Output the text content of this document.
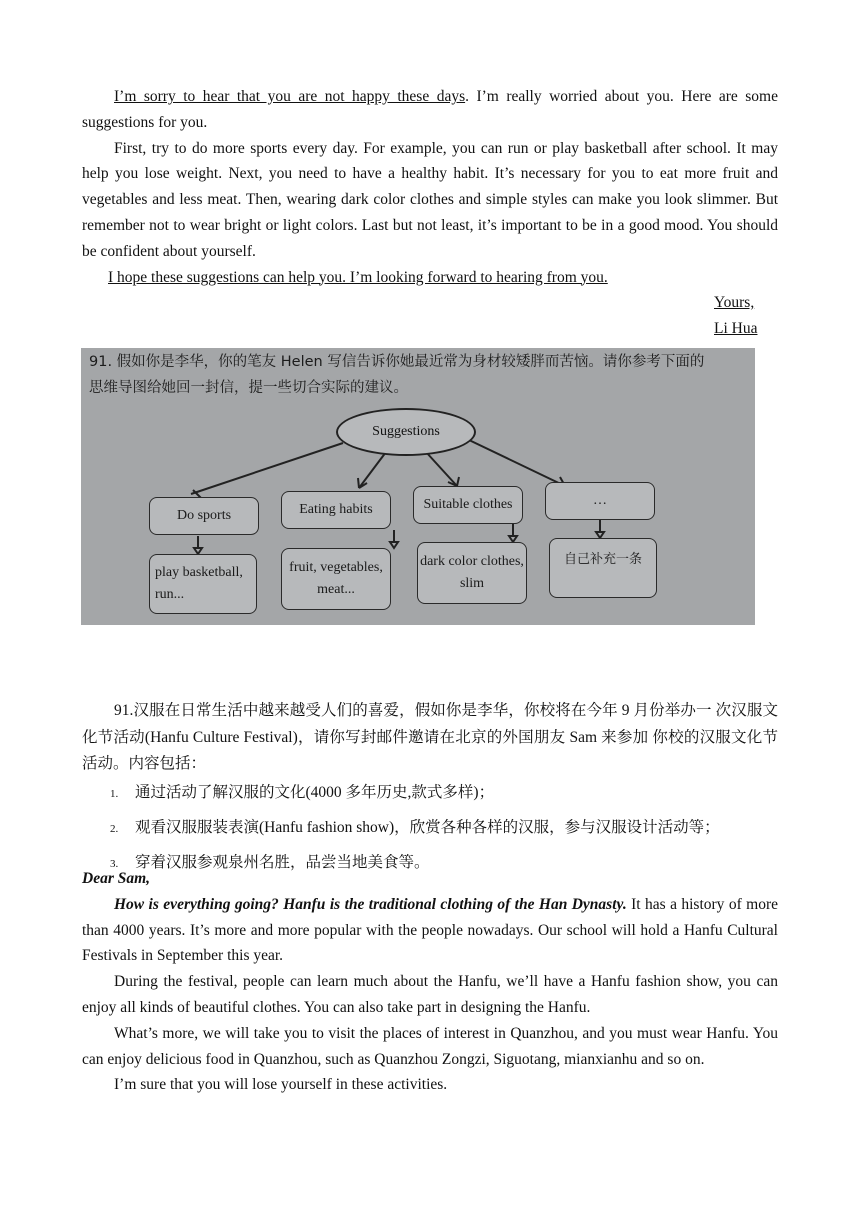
I’m sorry to hear that you are not happy these days. I’m really worried about you. Here are some suggestions for you.

First, try to do more sports every day. For example, you can run or play basketball after school. It may help you lose weight. Next, you need to have a healthy habit. It’s necessary for you to eat more fruit and vegetables and less meat. Then, wearing dark color clothes and simple styles can make you look slimmer. But remember not to wear bright or light colors. Last but not least, it’s important to be in a good mood. You should be confident about yourself.

I hope these suggestions can help you. I’m looking forward to hearing from you.

Yours,
Li Hua
91. 假如你是李华，你的笔友 Helen 写信告诉你她最近常为身材较矮胖而苦恼。请你参考下面的
思维导图给她回一封信，提一些切合实际的建议。
Suggestions
Do sports	Eating habits	Suitable clothes	…
play basketball, run...
fruit, vegetables, meat...
dark color clothes, slim
自己补充一条

91.汉服在日常生活中越来越受人们的喜爱，假如你是李华，你校将在今年 9 月份举办一 次汉服文化节活动(Hanfu Culture Festival)，请你写封邮件邀请在北京的外国朋友 Sam 来参加 你校的汉服文化节活动。内容包括：

1. 通过活动了解汉服的文化(4000 多年历史,款式多样)；
2. 观看汉服服装表演(Hanfu fashion show)，欣赏各种各样的汉服，参与汉服设计活动等；
3. 穿着汉服参观泉州名胜，品尝当地美食等。

Dear Sam,

How is everything going? Hanfu is the traditional clothing of the Han Dynasty. It has a history of more than 4000 years. It’s more and more popular with the people nowadays. Our school will hold a Hanfu Cultural Festivals in September this year.

During the festival, people can learn much about the Hanfu, we’ll have a Hanfu fashion show, you can enjoy all kinds of beautiful clothes. You can also take part in designing the Hanfu.

What’s more, we will take you to visit the places of interest in Quanzhou, and you must wear Hanfu. You can enjoy delicious food in Quanzhou, such as Quanzhou Zongzi, Siguotang, mianxianhu and so on.

I’m sure that you will lose yourself in these activities.
